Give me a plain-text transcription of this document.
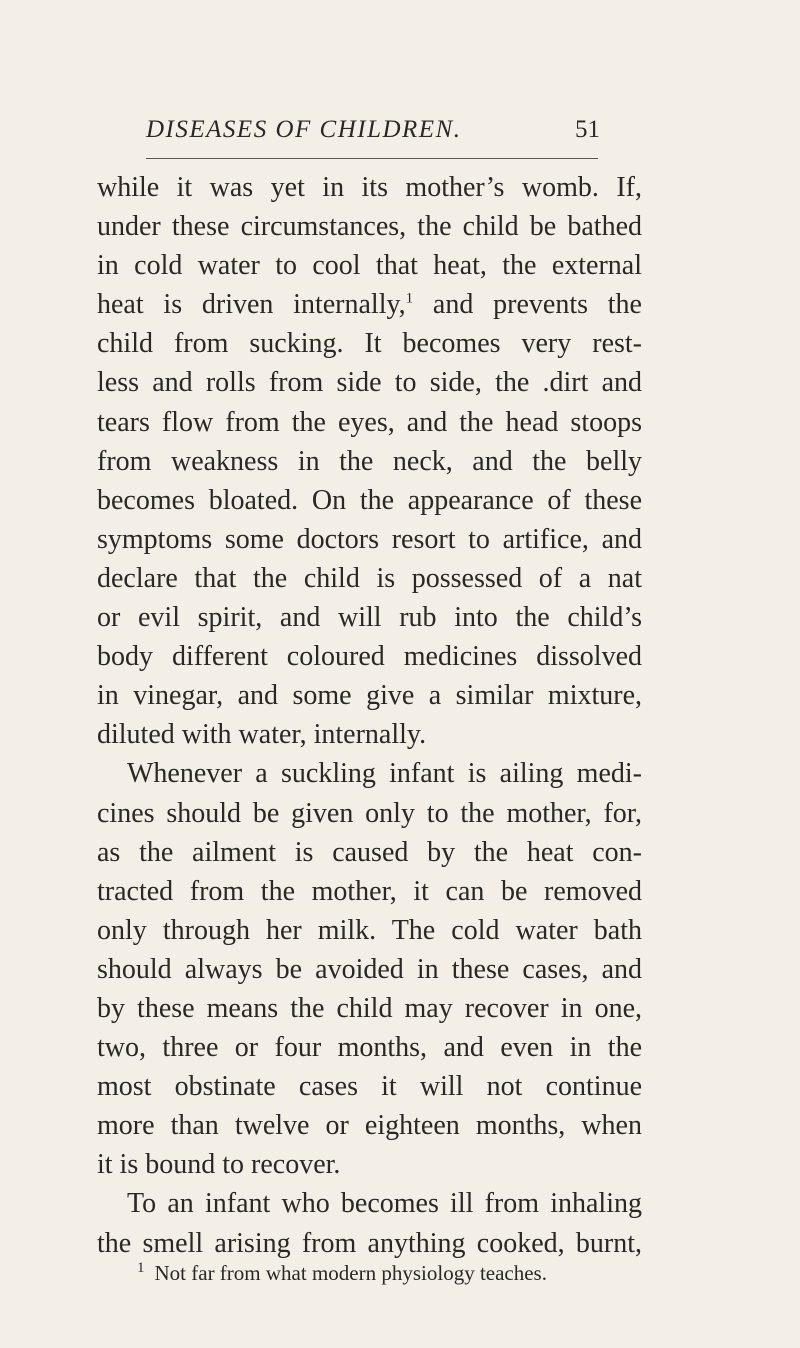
DISEASES OF CHILDREN.	51
while it was yet in its mother’s womb. If,
under these circumstances, the child be bathed
in cold water to cool that heat, the external
heat is driven internally,$^1$ and prevents the
child from sucking. It becomes very rest-
less and rolls from side to side, the .dirt and
tears flow from the eyes, and the head stoops
from weakness in the neck, and the belly
becomes bloated. On the appearance of these
symptoms some doctors resort to artifice, and
declare that the child is possessed of a nat
or evil spirit, and will rub into the child’s
body different coloured medicines dissolved
in vinegar, and some give a similar mixture,
diluted with water, internally.
Whenever a suckling infant is ailing medi-
cines should be given only to the mother, for,
as the ailment is caused by the heat con-
tracted from the mother, it can be removed
only through her milk. The cold water bath
should always be avoided in these cases, and
by these means the child may recover in one,
two, three or four months, and even in the
most obstinate cases it will not continue
more than twelve or eighteen months, when
it is bound to recover.
To an infant who becomes ill from inhaling
the smell arising from anything cooked, burnt,
$^1$ Not far from what modern physiology teaches.
